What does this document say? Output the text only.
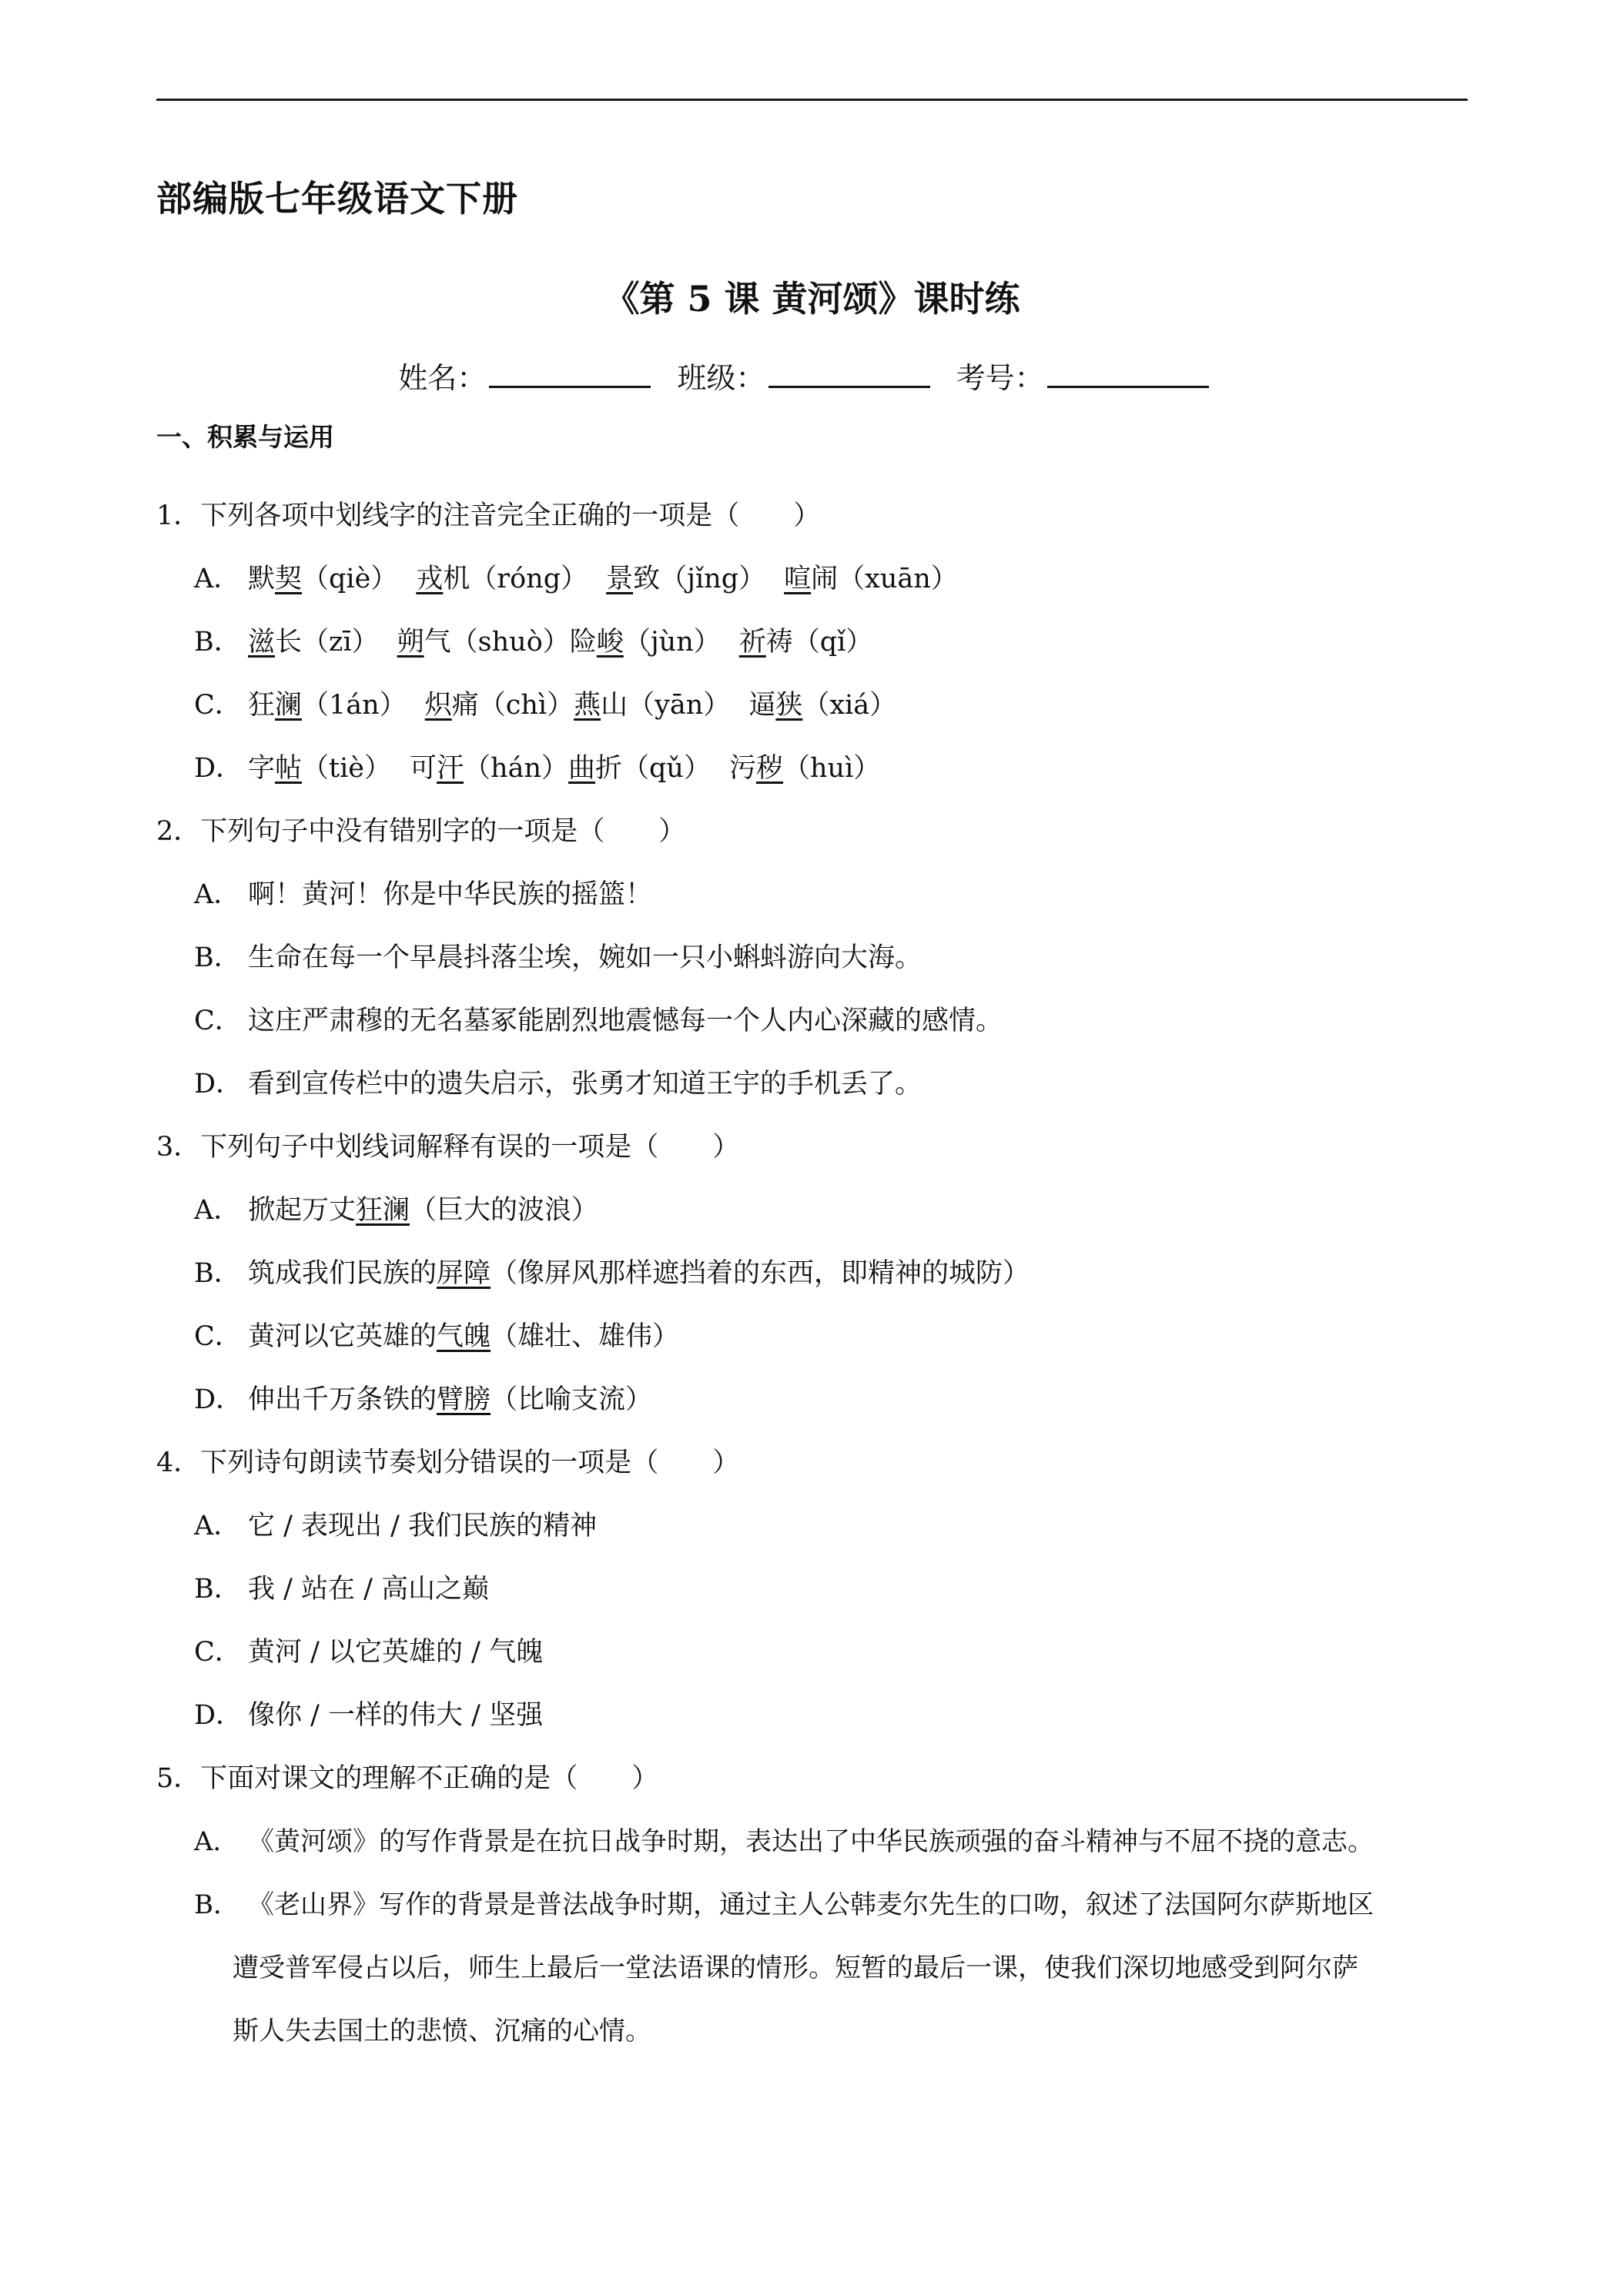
部编版七年级语文下册
《第 5 课 黄河颂》课时练
姓名：	班级：	考号：
一、积累与运用
1．下列各项中划线字的注音完全正确的一项是（　　）
A． 默契（qiè） 戎机（róng） 景致（jǐng） 喧闹（xuān）
B． 滋长（zī） 朔气（shuò）险峻（jùn） 祈祷（qǐ）
C． 狂澜（1án） 炽痛（chì）燕山（yān） 逼狭（xiá）
D． 字帖（tiè） 可汗（hán）曲折（qǔ） 污秽（huì）
2．下列句子中没有错别字的一项是（　　）
A． 啊！黄河！你是中华民族的摇篮！
B． 生命在每一个早晨抖落尘埃，婉如一只小蝌蚪游向大海。
C． 这庄严肃穆的无名墓冢能剧烈地震憾每一个人内心深藏的感情。
D． 看到宣传栏中的遗失启示，张勇才知道王宇的手机丢了。
3．下列句子中划线词解释有误的一项是（　　）
A． 掀起万丈狂澜（巨大的波浪）
B． 筑成我们民族的屏障（像屏风那样遮挡着的东西，即精神的城防）
C． 黄河以它英雄的气魄（雄壮、雄伟）
D． 伸出千万条铁的臂膀（比喻支流）
4．下列诗句朗读节奏划分错误的一项是（　　）
A． 它 / 表现出 / 我们民族的精神
B． 我 / 站在 / 高山之巅
C． 黄河 / 以它英雄的 / 气魄
D． 像你 / 一样的伟大 / 坚强
5．下面对课文的理解不正确的是（　　）
A． 《黄河颂》的写作背景是在抗日战争时期，表达出了中华民族顽强的奋斗精神与不屈不挠的意志。
B． 《老山界》写作的背景是普法战争时期，通过主人公韩麦尔先生的口吻，叙述了法国阿尔萨斯地区
遭受普军侵占以后，师生上最后一堂法语课的情形。短暂的最后一课，使我们深切地感受到阿尔萨
斯人失去国土的悲愤、沉痛的心情。
